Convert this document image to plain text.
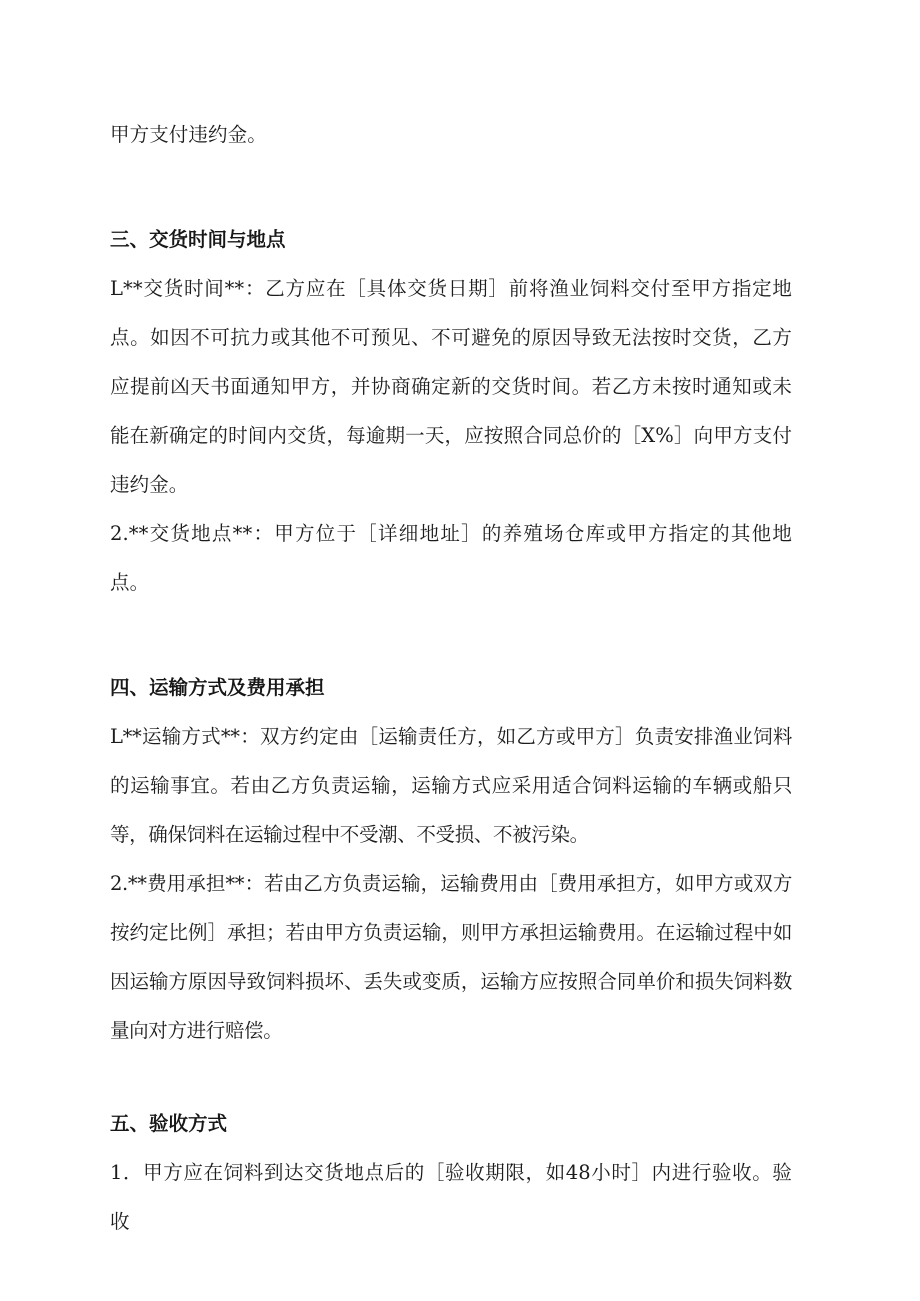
甲方支付违约金。

三、交货时间与地点

L**交货时间**：乙方应在［具体交货日期］前将渔业饲料交付至甲方指定地点。如因不可抗力或其他不可预见、不可避免的原因导致无法按时交货，乙方应提前凶天书面通知甲方，并协商确定新的交货时间。若乙方未按时通知或未能在新确定的时间内交货，每逾期一天，应按照合同总价的［X%］向甲方支付违约金。

2.**交货地点**：甲方位于［详细地址］的养殖场仓库或甲方指定的其他地点。

四、运输方式及费用承担

L**运输方式**：双方约定由［运输责任方，如乙方或甲方］负责安排渔业饲料的运输事宜。若由乙方负责运输，运输方式应采用适合饲料运输的车辆或船只等，确保饲料在运输过程中不受潮、不受损、不被污染。

2.**费用承担**：若由乙方负责运输，运输费用由［费用承担方，如甲方或双方按约定比例］承担；若由甲方负责运输，则甲方承担运输费用。在运输过程中如因运输方原因导致饲料损坏、丢失或变质，运输方应按照合同单价和损失饲料数量向对方进行赔偿。

五、验收方式

1．甲方应在饲料到达交货地点后的［验收期限，如48小时］内进行验收。验收
